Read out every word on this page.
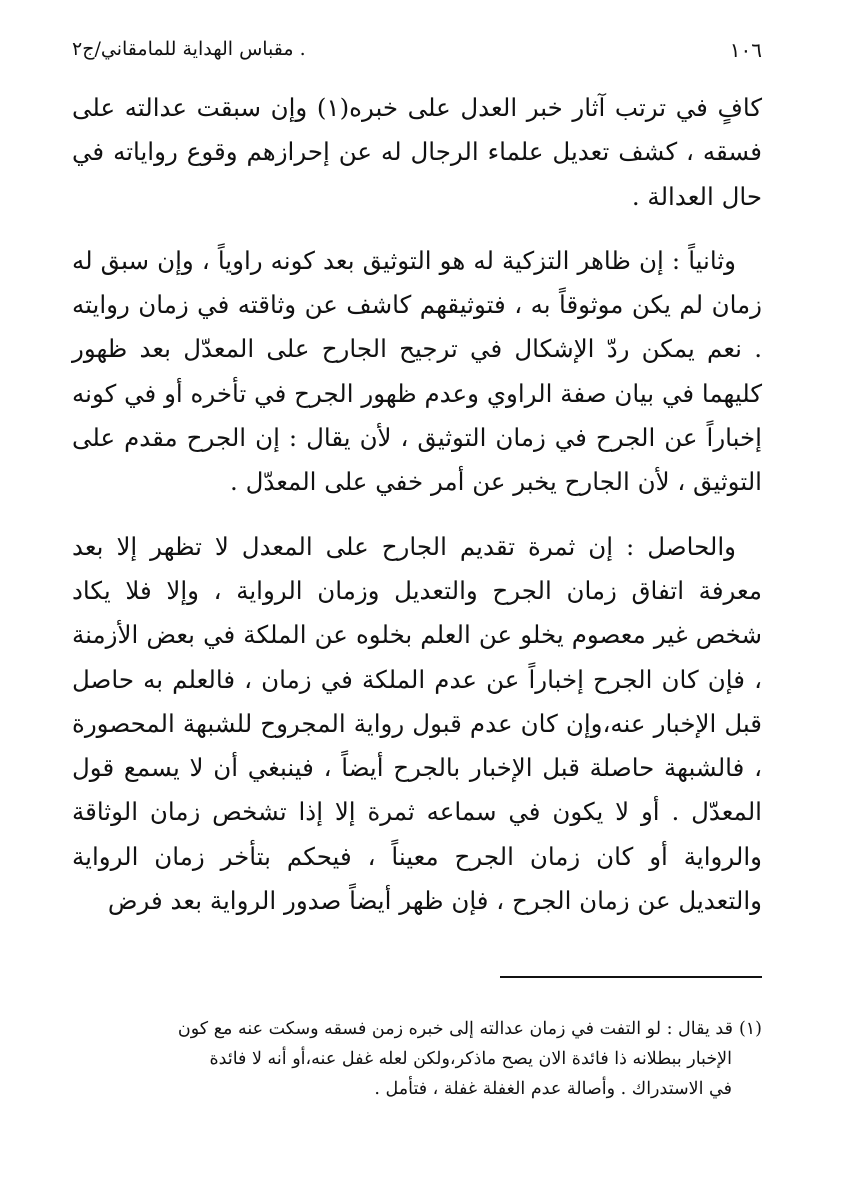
١٠٦
. مقباس الهداية للمامقاني/ج٢

كافٍ في ترتب آثار خبر العدل على خبره(١) وإن سبقت عدالته على فسقه ، كشف تعديل علماء الرجال له عن إحرازهم وقوع رواياته في حال العدالة .

وثانياً : إن ظاهر التزكية له هو التوثيق بعد كونه راوياً ، وإن سبق له زمان لم يكن موثوقاً به ، فتوثيقهم كاشف عن وثاقته في زمان روايته . نعم يمكن ردّ الإشكال في ترجيح الجارح على المعدّل بعد ظهور كليهما في بيان صفة الراوي وعدم ظهور الجرح في تأخره أو في كونه إخباراً عن الجرح في زمان التوثيق ، لأن يقال : إن الجرح مقدم على التوثيق ، لأن الجارح يخبر عن أمر خفي على المعدّل .

والحاصل : إن ثمرة تقديم الجارح على المعدل لا تظهر إلا بعد معرفة اتفاق زمان الجرح والتعديل وزمان الرواية ، وإلا فلا يكاد شخص غير معصوم يخلو عن العلم بخلوه عن الملكة في بعض الأزمنة ، فإن كان الجرح إخباراً عن عدم الملكة في زمان ، فالعلم به حاصل قبل الإخبار عنه،وإن كان عدم قبول رواية المجروح للشبهة المحصورة ، فالشبهة حاصلة قبل الإخبار بالجرح أيضاً ، فينبغي أن لا يسمع قول المعدّل . أو لا يكون في سماعه ثمرة إلا إذا تشخص زمان الوثاقة والرواية أو كان زمان الجرح معيناً ، فيحكم بتأخر زمان الرواية والتعديل عن زمان الجرح ، فإن ظهر أيضاً صدور الرواية بعد فرض

(١)قد يقال : لو التفت في زمان عدالته إلى خبره زمن فسقه وسكت عنه مع كون
الإخبار ببطلانه ذا فائدة الان يصح ماذكر،ولكن لعله غفل عنه،أو أنه لا فائدة
في الاستدراك . وأصالة عدم الغفلة غفلة ، فتأمل .
